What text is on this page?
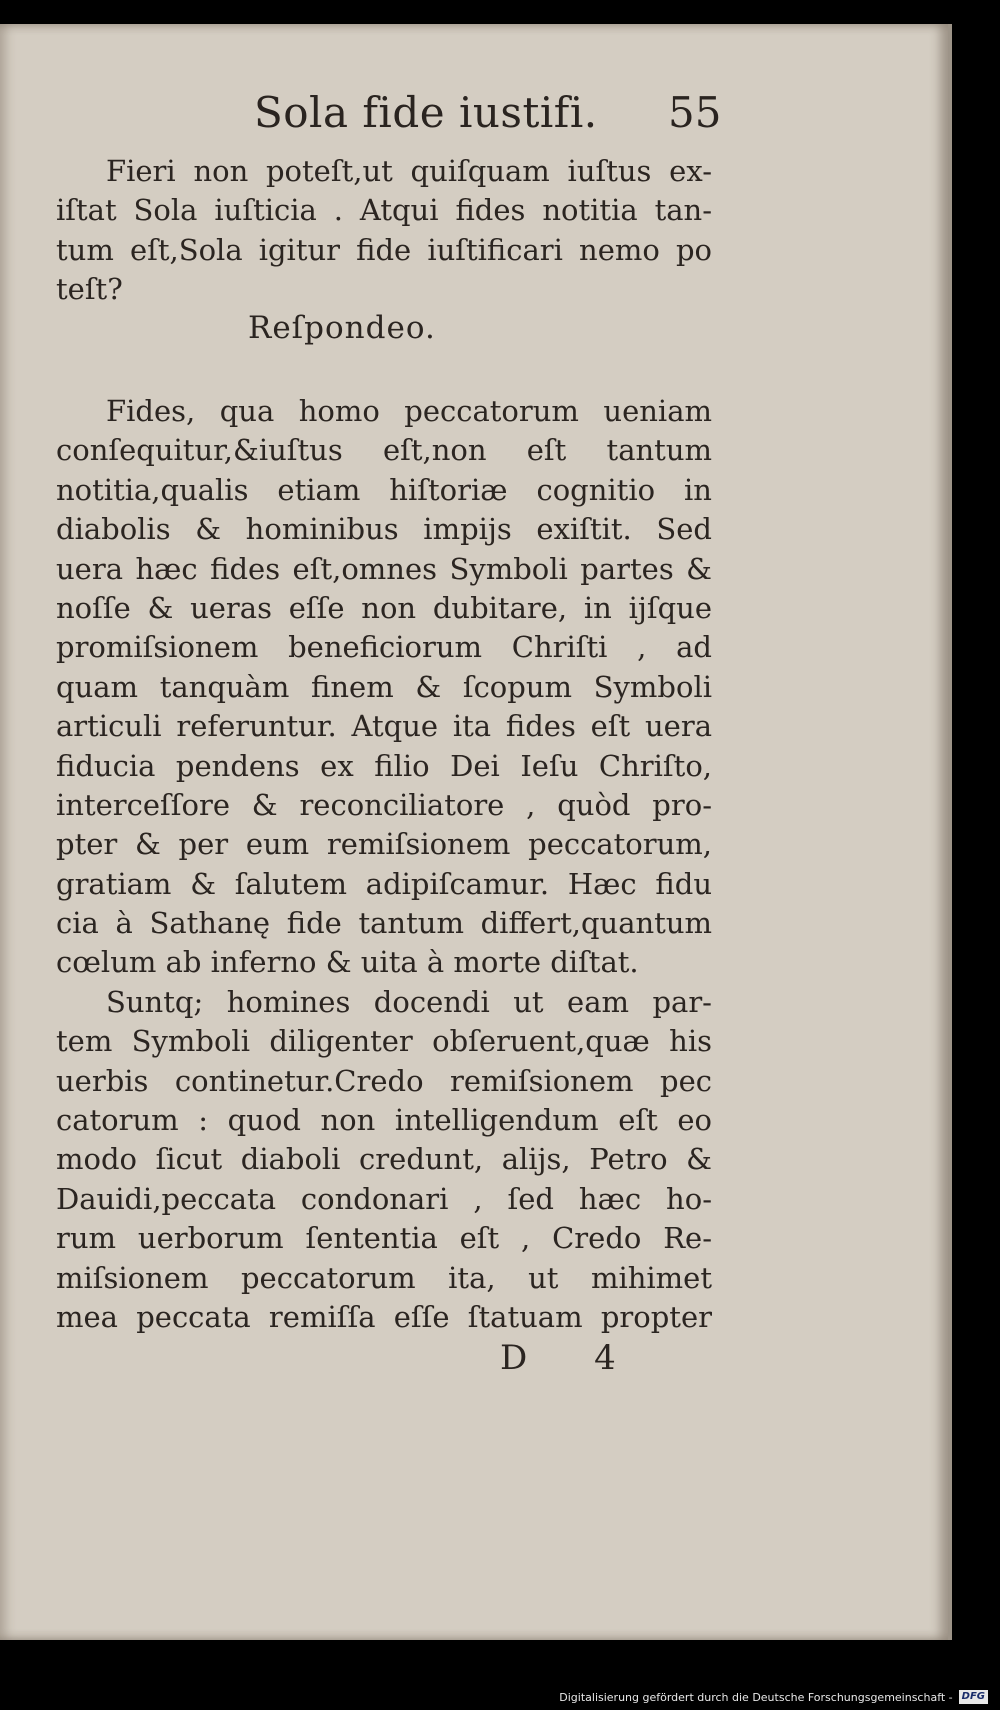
Sola fide iustifi. 55
Fieri non poteſt,ut quiſquam iuſtus ex-
iſtat Sola iuſticia . Atqui fides notitia tan-
tum eſt,Sola igitur fide iuſtificari nemo po
teſt?
Reſpondeo.
Fides, qua homo peccatorum ueniam
conſequitur,&iuſtus eſt,non eſt tantum
notitia,qualis etiam hiſtoriæ cognitio in
diabolis & hominibus impijs exiſtit. Sed
uera hæc fides eſt,omnes Symboli partes &
noſſe & ueras eſſe non dubitare, in ijſque
promiſsionem beneficiorum Chriſti , ad
quam tanquàm finem & ſcopum Symboli
articuli referuntur. Atque ita fides eſt uera
fiducia pendens ex filio Dei Ieſu Chriſto,
interceſſore & reconciliatore , quòd pro-
pter & per eum remiſsionem peccatorum,
gratiam & ſalutem adipiſcamur. Hæc fidu
cia à Sathanę fide tantum differt,quantum
cœlum ab inferno & uita à morte diſtat.
Suntq; homines docendi ut eam par-
tem Symboli diligenter obſeruent,quæ his
uerbis continetur.Credo remiſsionem pec
catorum : quod non intelligendum eſt eo
modo ſicut diaboli credunt, alijs, Petro &
Dauidi,peccata condonari , ſed hæc ho-
rum uerborum ſententia eſt , Credo Re-
miſsionem peccatorum ita, ut mihimet
mea peccata remiſſa eſſe ſtatuam propter
D 4
Digitalisierung gefördert durch die Deutsche Forschungsgemeinschaft - DFG
